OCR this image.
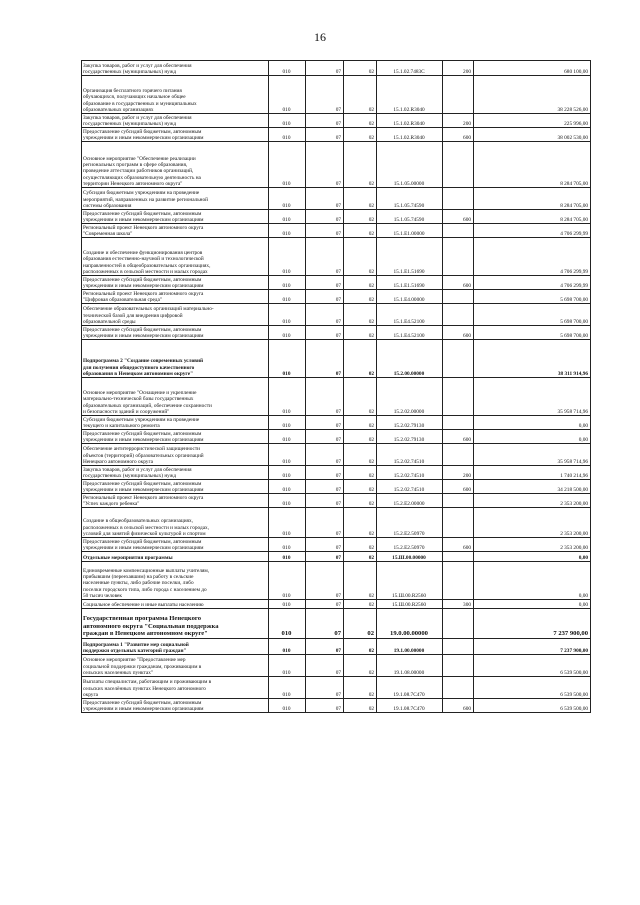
16
Закупка товаров, работ и услуг для обеспечения
государственных (муниципальных) нужд	010	07	02	15.1.02.7483C	200	680 100,00
Организация бесплатного горячего питания
обучающихся, получающих начальное общее
образование в государственных и муниципальных
образовательных организациях	010	07	02	15.1.02.R3040		38 228 526,00
Закупка товаров, работ и услуг для обеспечения
государственных (муниципальных) нужд	010	07	02	15.1.02.R3040	200	225 996,00
Предоставление субсидий бюджетным, автономным
учреждениям и иным некоммерческим организациям	010	07	02	15.1.02.R3040	600	38 002 530,00
Основное мероприятие "Обеспечение реализации
региональных программ в сфере образования,
проведение аттестации работников организаций,
осуществляющих образовательную деятельность на
территории Ненецкого автономного округа"	010	07	02	15.1.05.00000		8 284 705,00
Субсидии бюджетным учреждениям на проведение
мероприятий, направленных на развитие региональной
системы образования	010	07	02	15.1.05.74590		8 284 705,00
Предоставление субсидий бюджетным, автономным
учреждениям и иным некоммерческим организациям	010	07	02	15.1.05.74590	600	8 284 705,00
Региональный проект Ненецкого автономного округа
"Современная школа"	010	07	02	15.1.E1.00000		4 706 299,99
Создание и обеспечение функционирования центров
образования естественно-научной и технологической
направленностей в общеобразовательных организациях,
расположенных в сельской местности и малых городах	010	07	02	15.1.E1.51690		4 706 299,99
Предоставление субсидий бюджетным, автономным
учреждениям и иным некоммерческим организациям	010	07	02	15.1.E1.51690	600	4 706 299,99
Региональный проект Ненецкого автономного округа
"Цифровая образовательная среда"	010	07	02	15.1.E4.00000		5 698 700,00
Обеспечение образовательных организаций материально-
технической базой для внедрения цифровой
образовательной среды	010	07	02	15.1.E4.52100		5 698 700,00
Предоставление субсидий бюджетным, автономным
учреждениям и иным некоммерческим организациям	010	07	02	15.1.E4.52100	600	5 698 700,00
Подпрограмма 2 "Создание современных условий
для получения общедоступного качественного
образования в Ненецком автономном округе"	010	07	02	15.2.00.00000		38 311 914,96
Основное мероприятие "Оснащение и укрепление
материально-технической базы государственных
образовательных организаций, обеспечение сохранности
и безопасности зданий и сооружений"	010	07	02	15.2.02.00000		35 958 714,96
Субсидии бюджетным учреждениям на проведение
текущего и капитального ремонта	010	07	02	15.2.02.79130		0,00
Предоставление субсидий бюджетным, автономным
учреждениям и иным некоммерческим организациям	010	07	02	15.2.02.79130	600	0,00
Обеспечение антитеррористической защищенности
объектов (территорий) образовательных организаций
Ненецкого автономного округа	010	07	02	15.2.02.74510		35 958 714,96
Закупка товаров, работ и услуг для обеспечения
государственных (муниципальных) нужд	010	07	02	15.2.02.74510	200	1 740 214,96
Предоставление субсидий бюджетным, автономным
учреждениям и иным некоммерческим организациям	010	07	02	15.2.02.74510	600	34 218 500,00
Региональный проект Ненецкого автономного округа
"Успех каждого ребенка"	010	07	02	15.2.E2.00000		2 353 200,00
Создание в общеобразовательных организациях,
расположенных в сельской местности и малых городах,
условий для занятий физической культурой и спортом	010	07	02	15.2.E2.50970		2 353 200,00
Предоставление субсидий бюджетным, автономным
учреждениям и иным некоммерческим организациям	010	07	02	15.2.E2.50970	600	2 353 200,00
Отдельные мероприятия программы	010	07	02	15.Ш.00.00000		0,00
Единовременные компенсационные выплаты учителям,
прибывшим (переехавшим) на работу в сельские
населенные пункты, либо рабочие поселки, либо
поселки городского типа, либо города с населением до
50 тысяч человек	010	07	02	15.Ш.00.R2560		0,00
Социальное обеспечение и иные выплаты населению	010	07	02	15.Ш.00.R2560	300	0,00
Государственная программа Ненецкого
автономного округа "Социальная поддержка
граждан в Ненецком автономном округе"	010	07	02	19.0.00.00000		7 237 900,00
Подпрограмма 1 "Развитие мер социальной
поддержки отдельных категорий граждан"	010	07	02	19.1.00.00000		7 237 900,00
Основное мероприятие "Предоставление мер
социальной поддержки гражданам, проживающим в
сельских населенных пунктах"	010	07	02	19.1.08.00000		6 539 500,00
Выплаты специалистам, работающим и проживающим в
сельских населённых пунктах Ненецкого автономного
округа	010	07	02	19.1.08.7C470		6 539 500,00
Предоставление субсидий бюджетным, автономным
учреждениям и иным некоммерческим организациям	010	07	02	19.1.08.7C470	600	6 539 500,00
